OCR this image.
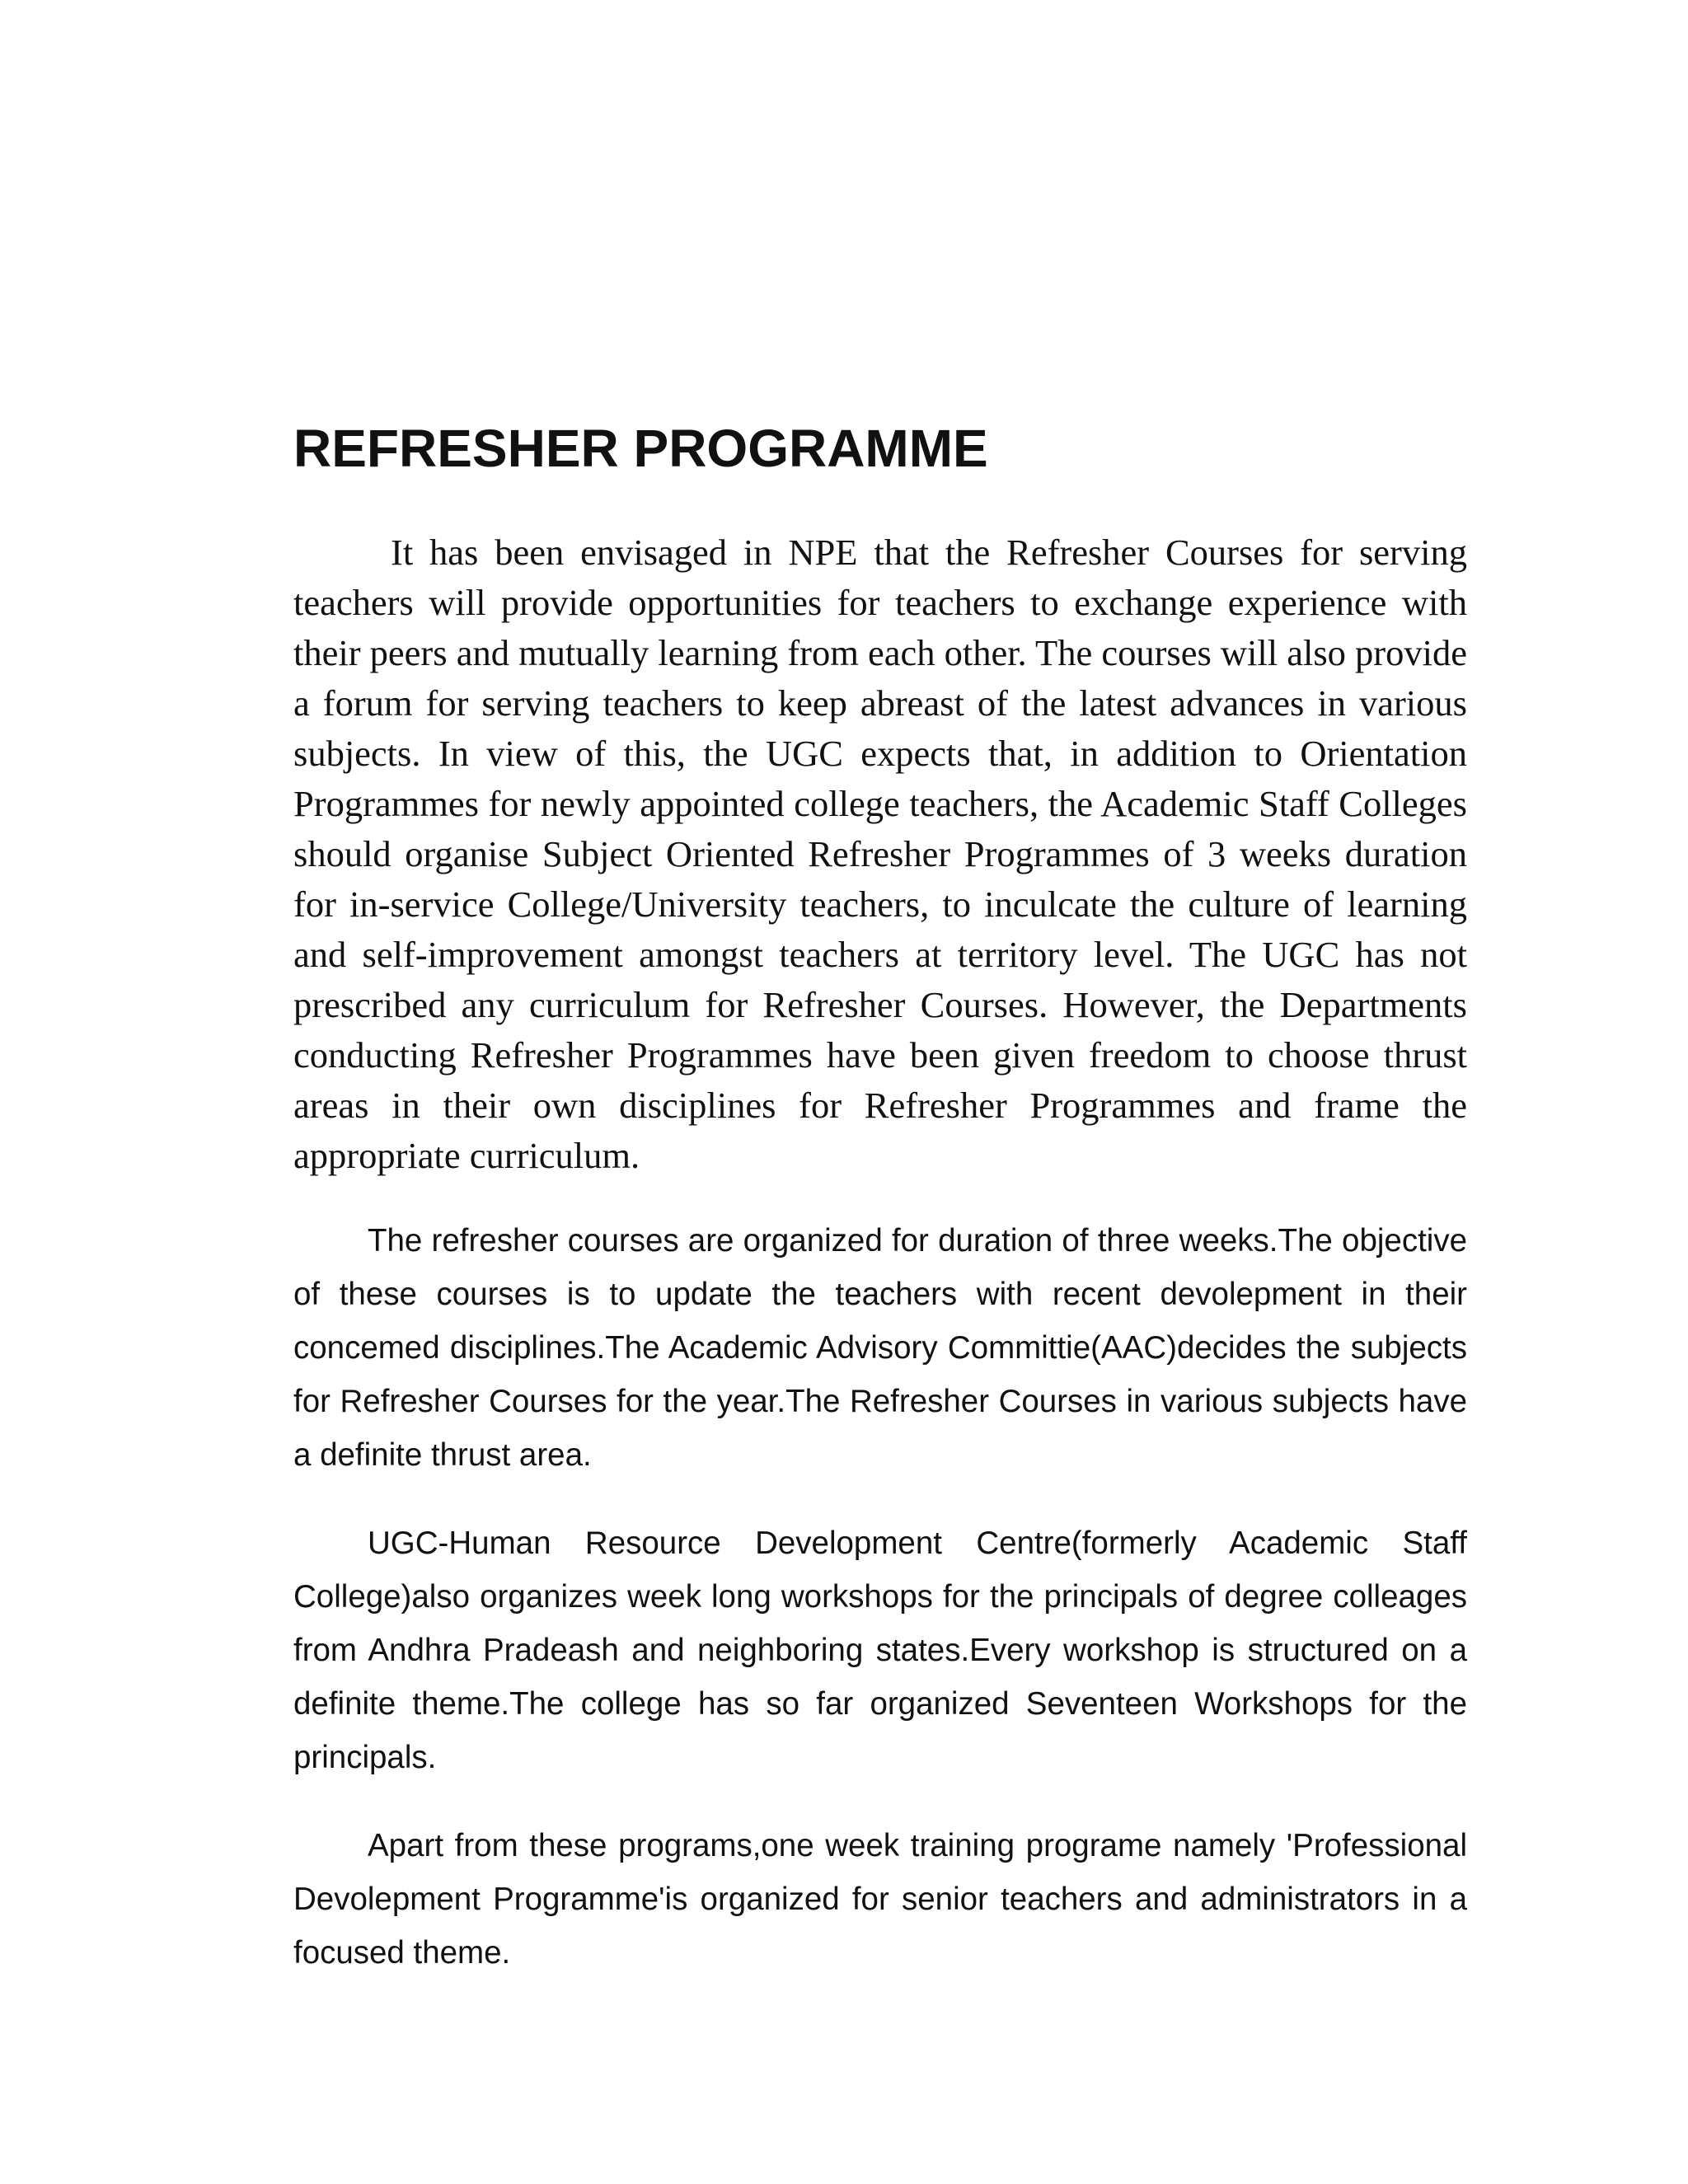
REFRESHER PROGRAMME

It has been envisaged in NPE that the Refresher Courses for serving teachers will provide opportunities for teachers to exchange experience with their peers and mutually learning from each other. The courses will also provide a forum for serving teachers to keep abreast of the latest advances in various subjects. In view of this, the UGC expects that, in addition to Orientation Programmes for newly appointed college teachers, the Academic Staff Colleges should organise Subject Oriented Refresher Programmes of 3 weeks duration for in-service College/University teachers, to inculcate the culture of learning and self-improvement amongst teachers at territory level. The UGC has not prescribed any curriculum for Refresher Courses. However, the Departments conducting Refresher Programmes have been given freedom to choose thrust areas in their own disciplines for Refresher Programmes and frame the appropriate curriculum.

The refresher courses are organized for duration of three weeks.The objective of these courses is to update the teachers with recent devolepment in their concemed disciplines.The Academic Advisory Committie(AAC)decides the subjects for Refresher Courses for the year.The Refresher Courses in various subjects have a definite thrust area.

UGC-Human Resource Development Centre(formerly Academic Staff College)also organizes week long workshops for the principals of degree colleages from Andhra Pradeash and neighboring states.Every workshop is structured on a definite theme.The college has so far organized Seventeen Workshops for the principals.

Apart from these programs,one week training programe namely 'Professional Devolepment Programme'is organized for senior teachers and administrators in a focused theme.
